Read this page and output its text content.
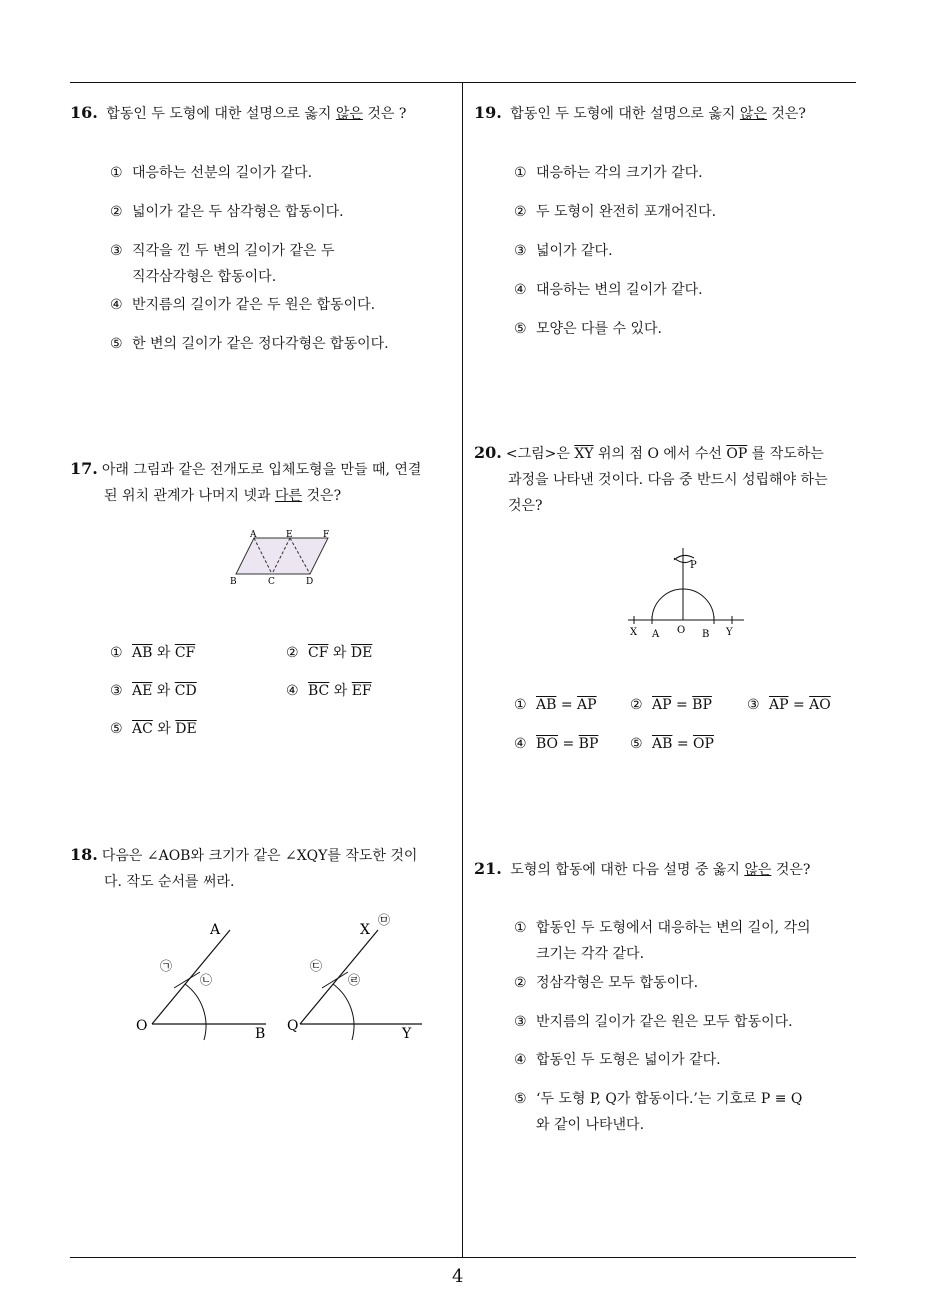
16. 합동인 두 도형에 대한 설명으로 옳지 않은 것은 ?
① 대응하는 선분의 길이가 같다.
② 넓이가 같은 두 삼각형은 합동이다.
③ 직각을 낀 두 변의 길이가 같은 두
직각삼각형은 합동이다.
④ 반지름의 길이가 같은 두 원은 합동이다.
⑤ 한 변의 길이가 같은 정다각형은 합동이다.
17. 아래 그림과 같은 전개도로 입체도형을 만들 때, 연결
된 위치 관계가 나머지 넷과 다른 것은?
A	E	F
B	C	D
① $\overline{AB}$ 와 $\overline{CF}$	② $\overline{CF}$ 와 $\overline{DE}$
③ $\overline{AE}$ 와 $\overline{CD}$	④ $\overline{BC}$ 와 $\overline{EF}$
⑤ $\overline{AC}$ 와 $\overline{DE}$
18. 다음은 ∠AOB와 크기가 같은 ∠XQY를 작도한 것이
다. 작도 순서를 써라.
A
O	B
㉠
㉡
X
Q	Y
㉢
㉣
㉤
19. 합동인 두 도형에 대한 설명으로 옳지 않은 것은?
① 대응하는 각의 크기가 같다.
② 두 도형이 완전히 포개어진다.
③ 넓이가 같다.
④ 대응하는 변의 길이가 같다.
⑤ 모양은 다를 수 있다.
20. <그림>은 $\overline{XY}$ 위의 점 O 에서 수선 $\overline{OP}$ 를 작도하는
과정을 나타낸 것이다. 다음 중 반드시 성립해야 하는
것은?
P
X A O B Y
① $\overline{AB} = \overline{AP}$ ② $\overline{AP} = \overline{BP}$	③ $\overline{AP} = \overline{AO}$
④ $\overline{BO} = \overline{BP}$ ⑤ $\overline{AB} = \overline{OP}$
21. 도형의 합동에 대한 다음 설명 중 옳지 않은 것은?
① 합동인 두 도형에서 대응하는 변의 길이, 각의
크기는 각각 같다.
② 정삼각형은 모두 합동이다.
③ 반지름의 길이가 같은 원은 모두 합동이다.
④ 합동인 두 도형은 넓이가 같다.
⑤ ‘두 도형 P, Q가 합동이다.’는 기호로 P ≡ Q
와 같이 나타낸다.
4
